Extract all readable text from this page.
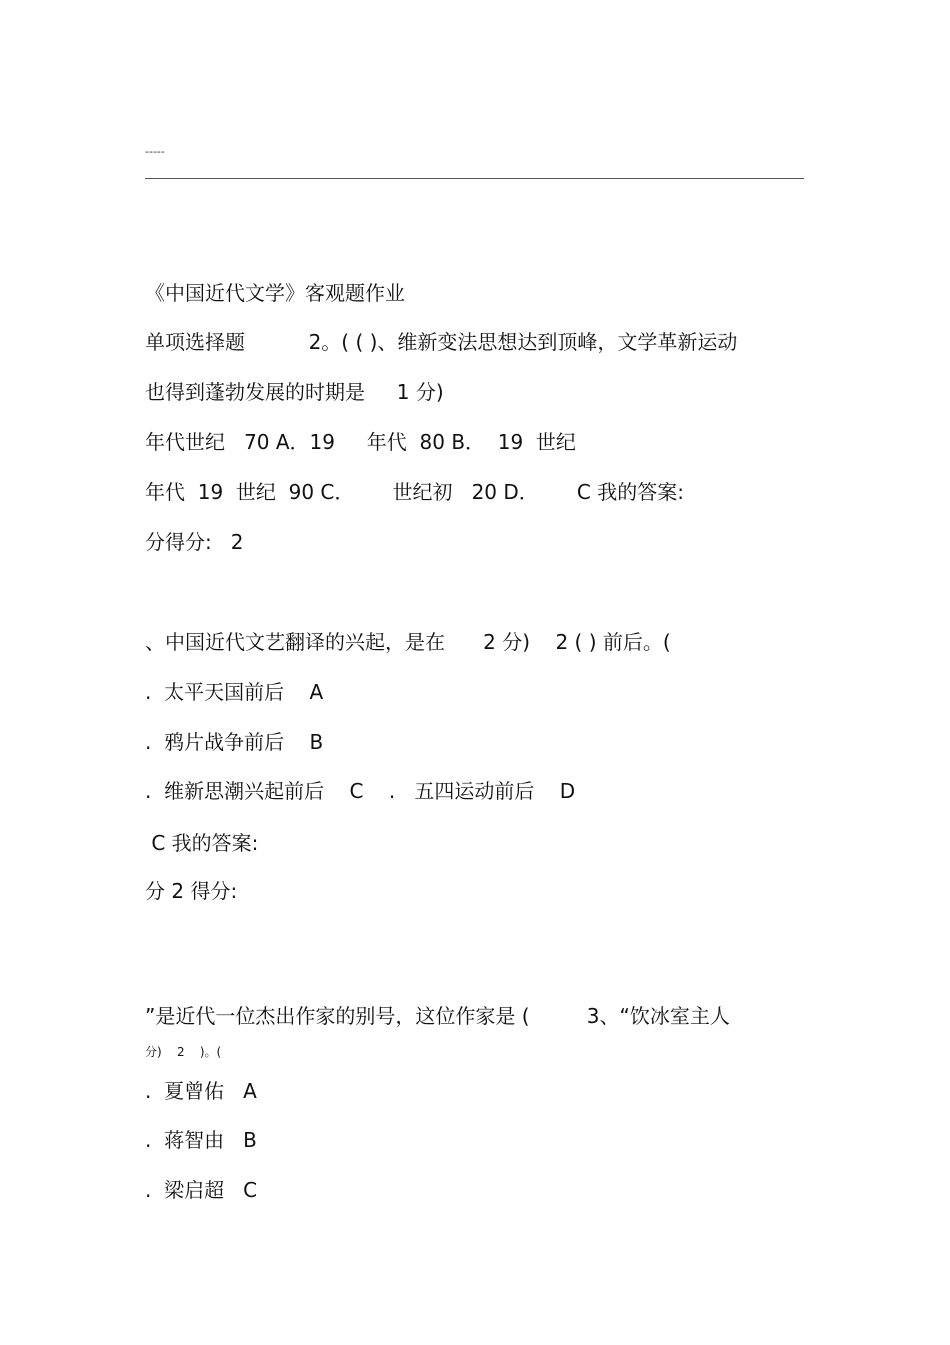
-----
《中国近代文学》客观题作业
单项选择题          2。( ( )、维新变法思想达到顶峰，文学革新运动
也得到蓬勃发展的时期是     1 分)
年代世纪   70 A．19     年代  80 B．  19  世纪
年代  19  世纪  90 C．      世纪初   20 D．      C 我的答案:
分得分:   2
、中国近代文艺翻译的兴起，是在      2 分)    2 ( ) 前后。(
.  太平天国前后    A
.  鸦片战争前后    B
.  维新思潮兴起前后    C    .   五四运动前后    D
C 我的答案:
分 2 得分:
”是近代一位杰出作家的别号，这位作家是 (         3、“饮冰室主人
分)    2    )。(
.  夏曾佑   A
.  蒋智由   B
.  梁启超   C
